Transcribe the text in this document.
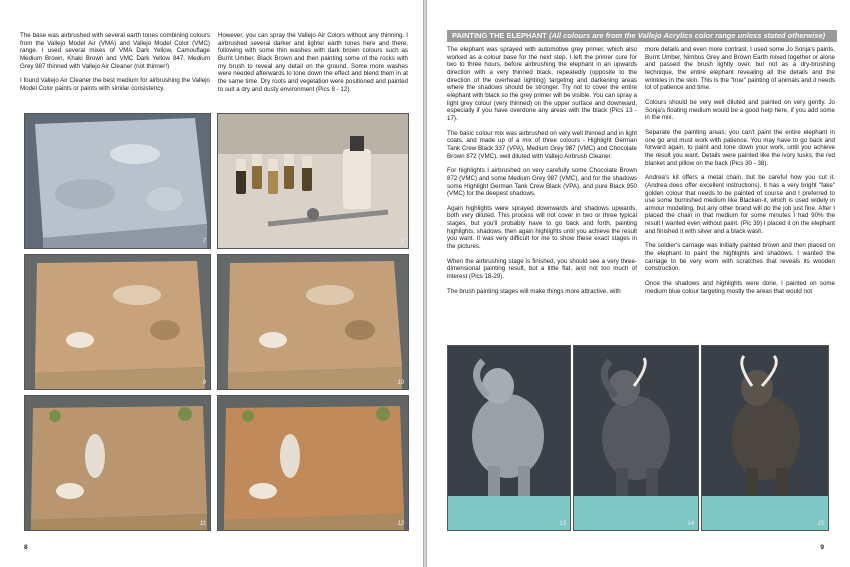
The base was airbrushed with several earth tones combining colours from the Vallejo Model Air (VMA) and Vallejo Model Color (VMC) range. I used several mixes of VMA Dark Yellow, Camouflage Medium Brown, Khaki Brown and VMC Dark Yellow 847, Medium Grey 987 thinned with Vallejo Air Cleaner (not thinner!)

I found Vallejo Air Cleaner the best medium for airbrushing the Vallejo Model Color paints or paints with similar consistency.

However, you can spray the Vallejo Air Colors without any thinning. I airbrushed several darker and lighter earth tones here and there, following with some thin washes with dark brown colours such as Burnt Umber, Black Brown and then painting some of the rocks with my brush to reveal any detail on the ground. Some more washes were needed afterwards to tone down the effect and blend them in at the same time. Dry roots and vegetation were positioned and painted to suit a dry and dusty environment (Pics 8 - 12).

7	8
9	10
11	12
8
PAINTING THE ELEPHANT (All colours are from the Vallejo Acrylics color range unless stated otherwise)

The elephant was sprayed with automotive grey primer, which also worked as a colour base for the next step. I left the primer cure for two to three hours, before airbrushing the elephant in an upwards direction with a very thinned black, repeatedly (opposite to the direction of the overhead lighting) targeting and darkening areas where the shadows should be stronger. Try not to cover the entire elephant with black so the grey primer will be visible. You can spray a light grey colour (very thinned) on the upper surface and downward, especially if you have overdone any areas with the black (Pics 13 - 17).

The basic colour mix was airbrushed on very well thinned and in light coats, and made up of a mix of three colours - Highlight German Tank Crew Black 337 (VPA), Medium Grey 987 (VMC) and Chocolate Brown 872 (VMC), well diluted with Vallejo Airbrush Cleaner.

For highlights I airbrushed on very carefully some Chocolate Brown 872 (VMC) and some Medium Grey 987 (VMC), and for the shadows some Highlight German Tank Crew Black (VPA), and pure Black 950 (VMC) for the deepest shadows.

Again highlights were sprayed downwards and shadows upwards, both very diluted. This process will not cover in two or three typical stages, but you'll probably have to go back and forth, painting highlights, shadows, then again highlights until you achieve the result you want. It was very difficult for me to show these exact stages in the pictures.

When the airbrushing stage is finished, you should see a very three-dimensional painting result, but a little flat, and not too much of interest (Pics 18-29).

The brush painting stages will make things more attractive, with

more details and even more contrast. I used some Jo Sonja's paints, Burnt Umber, Nimbus Grey and Brown Earth mixed together or alone and passed the brush lightly over, but not as a dry-brushing technique, the entire elephant revealing all the details and the wrinkles in the skin. This is the "true" painting of animals and it needs lot of patience and time.

Colours should be very well diluted and painted on very gently. Jo Sonja's floating medium would be a good help here, if you add some in the mix.

Separate the painting areas; you can't paint the entire elephant in one go and must work with patience. You may have to go back and forward again, to paint and tone down your work, until you achieve the result you want. Details were painted like the ivory tusks, the red blanket and pillow on the back (Pics 30 - 38).

Andrea's kit offers a metal chain, but be careful how you cut it. (Andrea does offer excellent instructions). It has a very bright "fake" golden colour that needs to be painted of course and I preferred to use some burnished medium like Blacken-it, which is used widely in armour modelling, but any other brand will do the job just fine. After I placed the chain in that medium for some minutes I had 90% the result I wanted even without paint. (Pic 39) I placed it on the elephant and finished it with silver and a black wash.

The soldier's carriage was initially painted brown and then placed on the elephant to paint the highlights and shadows. I wanted the carriage to be very worn with scratches that reveals its wooden construction.

Once the shadows and highlights were done, I painted on some medium blue colour targeting mostly the areas that would not

13	14	15
9
